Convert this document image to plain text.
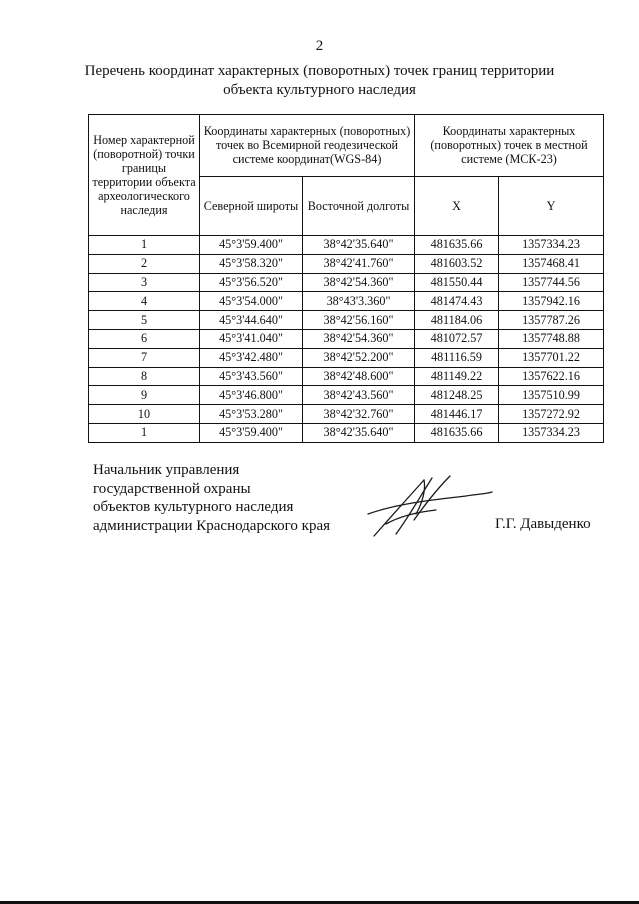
2
Перечень координат характерных (поворотных) точек границ территории
объекта культурного наследия
Номер характерной (поворотной) точки границы территории объекта археологического наследия	Координаты характерных (поворотных) точек во Всемирной геодезической системе координат(WGS-84)		Координаты характерных (поворотных) точек в местной системе (МСК-23)	
	Северной широты	Восточной долготы	X	Y
1	45°3'59.400"	38°42'35.640"	481635.66	1357334.23
2	45°3'58.320"	38°42'41.760"	481603.52	1357468.41
3	45°3'56.520"	38°42'54.360"	481550.44	1357744.56
4	45°3'54.000"	38°43'3.360"	481474.43	1357942.16
5	45°3'44.640"	38°42'56.160"	481184.06	1357787.26
6	45°3'41.040"	38°42'54.360"	481072.57	1357748.88
7	45°3'42.480"	38°42'52.200"	481116.59	1357701.22
8	45°3'43.560"	38°42'48.600"	481149.22	1357622.16
9	45°3'46.800"	38°42'43.560"	481248.25	1357510.99
10	45°3'53.280"	38°42'32.760"	481446.17	1357272.92
1	45°3'59.400"	38°42'35.640"	481635.66	1357334.23
Начальник управления
государственной охраны
объектов культурного наследия
администрации Краснодарского края	Г.Г. Давыденко
